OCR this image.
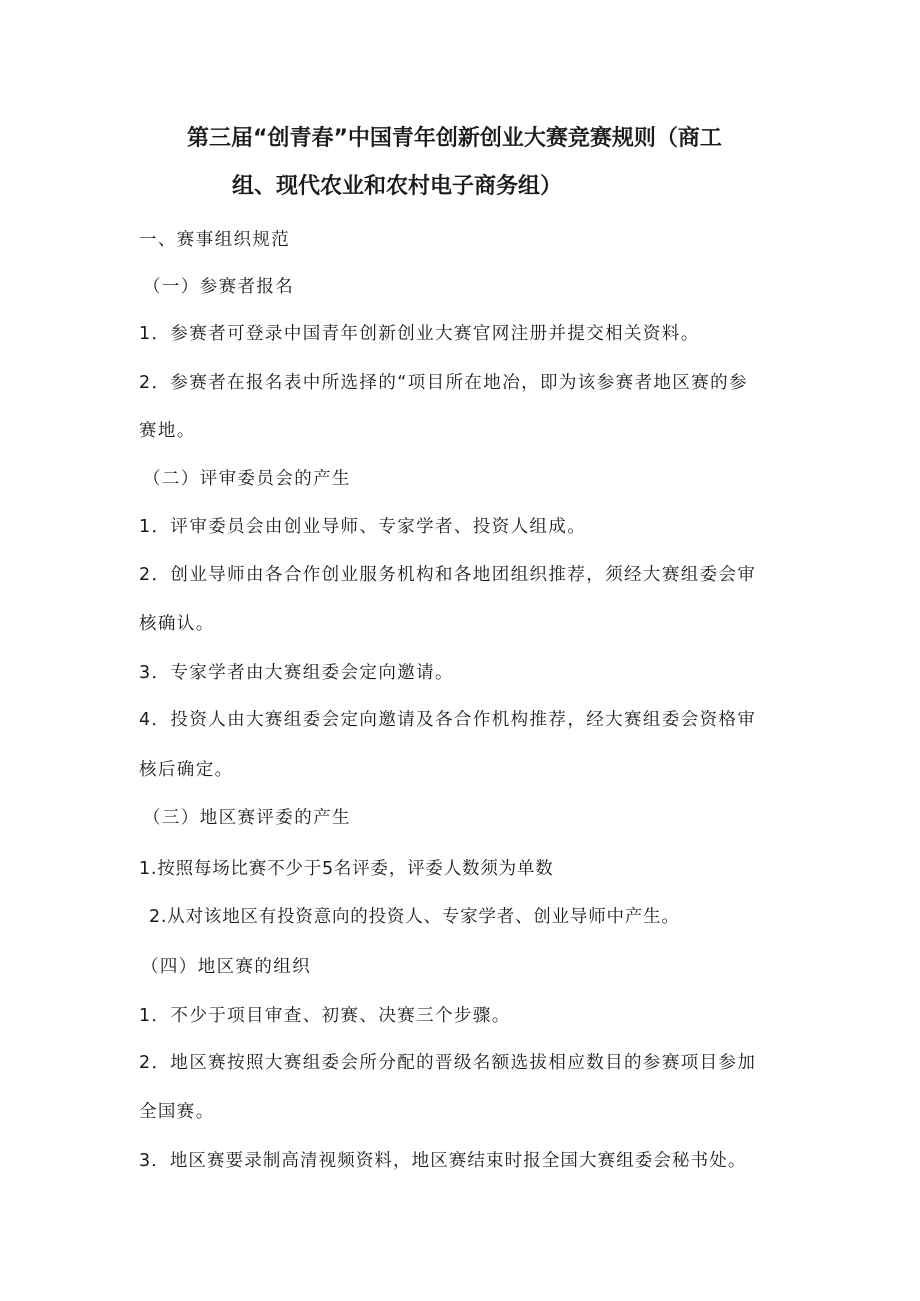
第三届“创青春”中国青年创新创业大赛竞赛规则（商工
组、现代农业和农村电子商务组）
一、赛事组织规范
（一）参赛者报名
1．参赛者可登录中国青年创新创业大赛官网注册并提交相关资料。
2．参赛者在报名表中所选择的“项目所在地冶，即为该参赛者地区赛的参
赛地。
（二）评审委员会的产生
1．评审委员会由创业导师、专家学者、投资人组成。
2．创业导师由各合作创业服务机构和各地团组织推荐，须经大赛组委会审
核确认。
3．专家学者由大赛组委会定向邀请。
4．投资人由大赛组委会定向邀请及各合作机构推荐，经大赛组委会资格审
核后确定。
（三）地区赛评委的产生
1.按照每场比赛不少于5名评委，评委人数须为单数
2.从对该地区有投资意向的投资人、专家学者、创业导师中产生。
（四）地区赛的组织
1．不少于项目审查、初赛、决赛三个步骤。
2．地区赛按照大赛组委会所分配的晋级名额选拔相应数目的参赛项目参加
全国赛。
3．地区赛要录制高清视频资料，地区赛结束时报全国大赛组委会秘书处。
